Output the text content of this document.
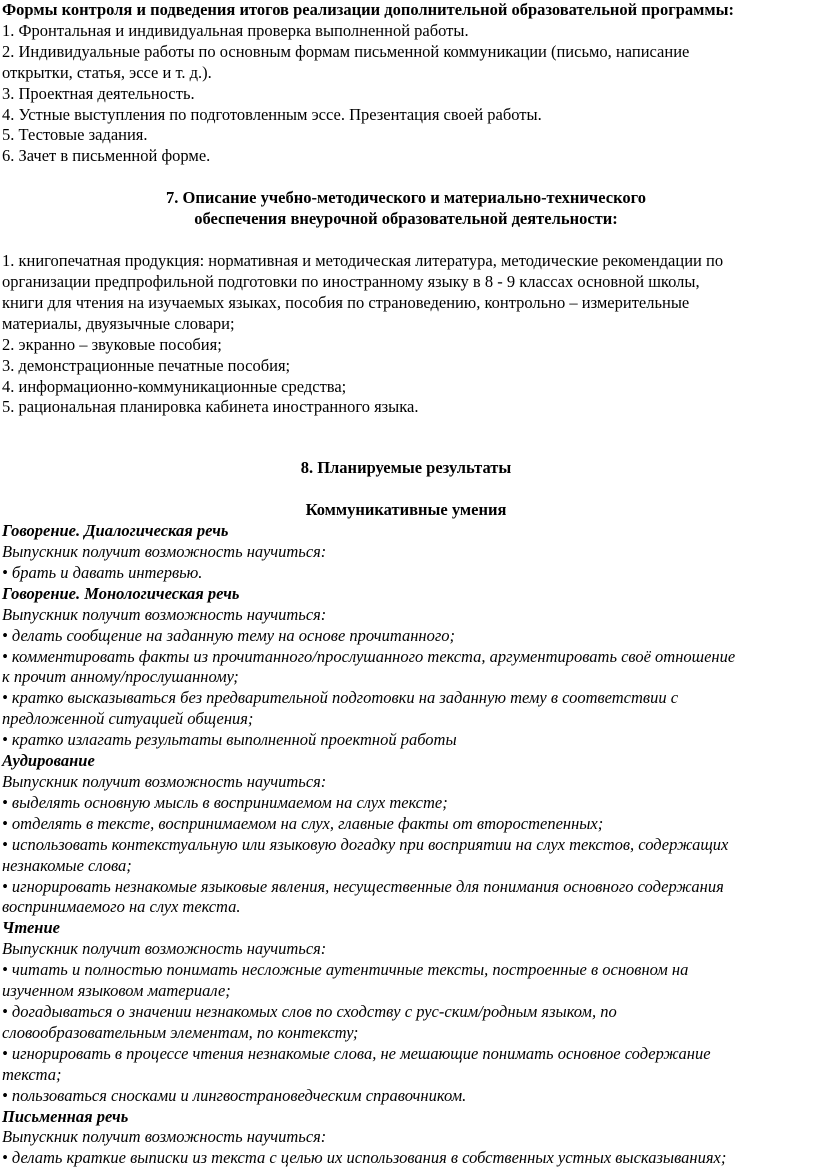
Формы контроля и подведения итогов реализации дополнительной образовательной программы:

1. Фронтальная и индивидуальная проверка выполненной работы.

2. Индивидуальные работы по основным формам письменной коммуникации (письмо, написание

открытки, статья, эссе и т. д.).

3. Проектная деятельность.

4. Устные выступления по подготовленным эссе. Презентация своей работы.

5. Тестовые задания.

6. Зачет в письменной форме.

7. Описание учебно-методического и материально-технического

обеспечения внеурочной образовательной деятельности:

1. книгопечатная продукция: нормативная и методическая литература, методические рекомендации по

организации предпрофильной подготовки по иностранному языку в 8 - 9 классах основной школы,

книги для чтения на изучаемых языках, пособия по страноведению, контрольно – измерительные

материалы, двуязычные словари;

2. экранно – звуковые пособия;

3. демонстрационные печатные пособия;

4. информационно-коммуникационные средства;

5. рациональная планировка кабинета иностранного языка.

8. Планируемые результаты

Коммуникативные умения

Говорение. Диалогическая речь

Выпускник получит возможность научиться:

• брать и давать интервью.

Говорение. Монологическая речь

Выпускник получит возможность научиться:

• делать сообщение на заданную тему на основе прочитанного;

• комментировать факты из прочитанного/прослушанного текста, аргументировать своё отношение

к прочит анному/прослушанному;

• кратко высказываться без предварительной подготовки на заданную тему в соответствии с

предложенной ситуацией общения;

• кратко излагать результаты выполненной проектной работы

Аудирование

Выпускник получит возможность научиться:

• выделять основную мысль в воспринимаемом на слух тексте;

• отделять в тексте, воспринимаемом на слух, главные факты от второстепенных;

• использовать контекстуальную или языковую догадку при восприятии на слух текстов, содержащих

незнакомые слова;

• игнорировать незнакомые языковые явления, несущественные для понимания основного содержания

воспринимаемого на слух текста.

Чтение

Выпускник получит возможность научиться:

• читать и полностью понимать несложные аутентичные тексты, построенные в основном на

изученном языковом материале;

• догадываться о значении незнакомых слов по сходству с рус-ским/родным языком, по

словообразовательным элементам, по контексту;

• игнорировать в процессе чтения незнакомые слова, не мешающие понимать основное содержание

текста;

• пользоваться сносками и лингвострановедческим справочником.

Письменная речь

Выпускник получит возможность научиться:

• делать краткие выписки из текста с целью их использования в собственных устных высказываниях;
